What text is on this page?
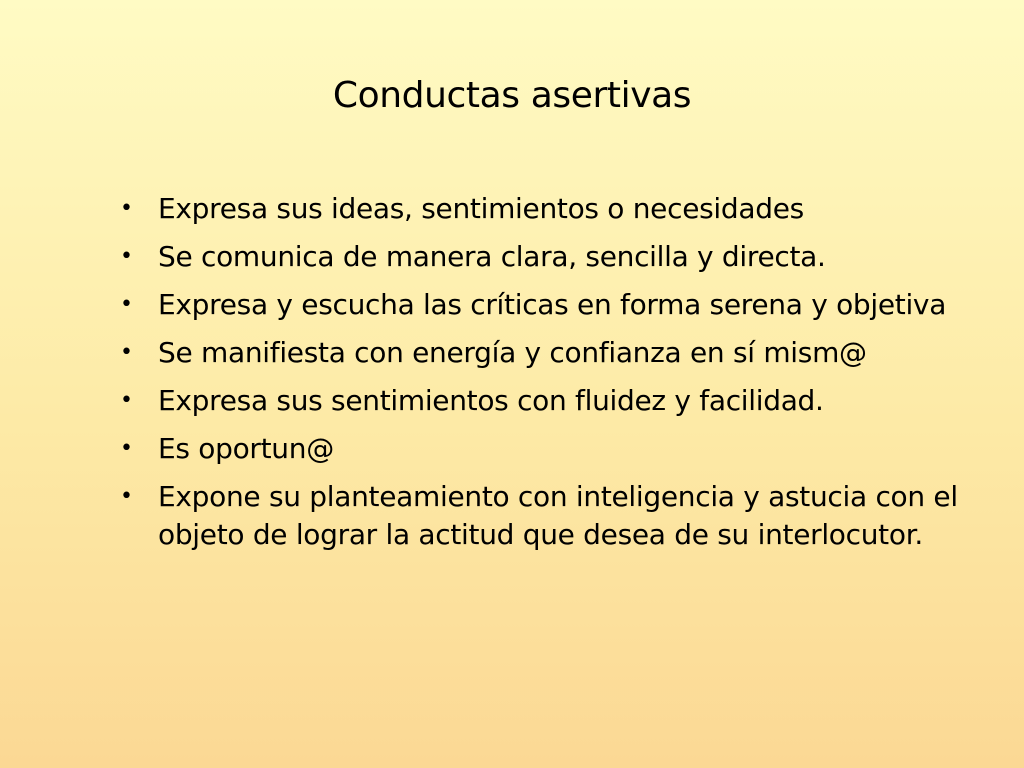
Conductas asertivas
• Expresa sus ideas, sentimientos o necesidades
• Se comunica de manera clara, sencilla y directa.
• Expresa y escucha las críticas en forma serena y objetiva
• Se manifiesta con energía y confianza en sí mism@
• Expresa sus sentimientos con fluidez y facilidad.
• Es oportun@
• Expone su planteamiento con inteligencia y astucia con el objeto de lograr la actitud que desea de su interlocutor.
